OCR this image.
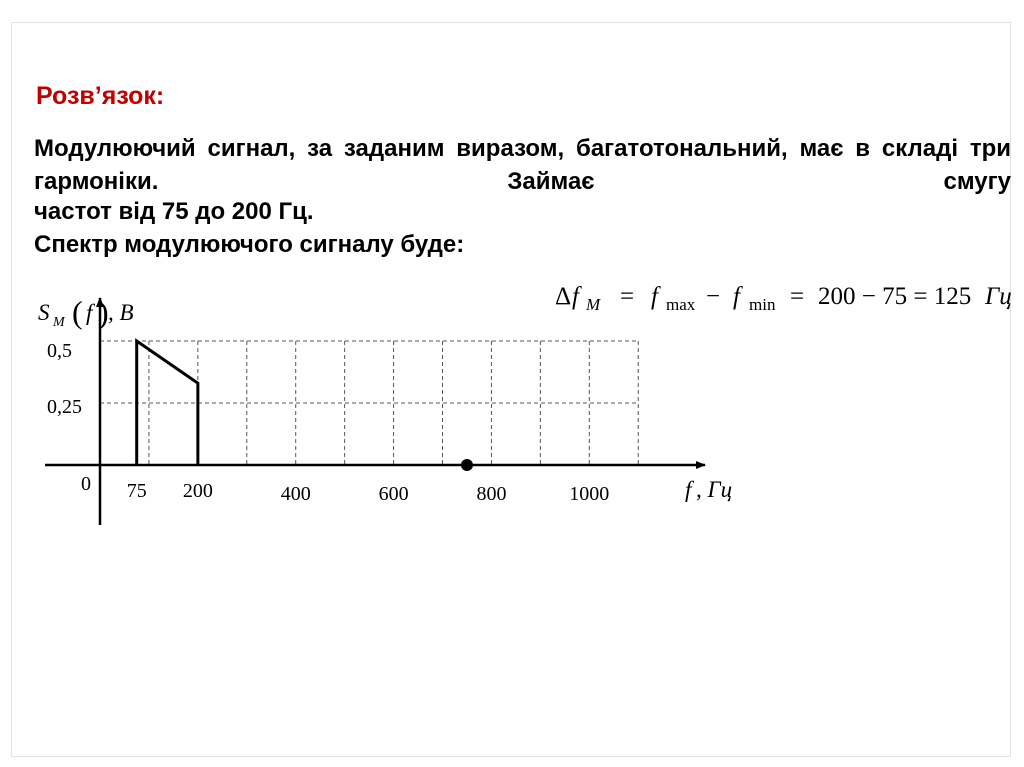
Розв’язок:
Модулюючий сигнал, за заданим виразом, багатотональний, має в складі три гармоніки. Займає смугу
частот від 75 до 200 Гц.
Спектр модулюючого сигналу буде:
75 200	400	600	800	1000
0,5
0,25
0
S M ( f ) , B
f , Гц
Δ f M = f max − f min = 200 − 75 = 125 Гц
